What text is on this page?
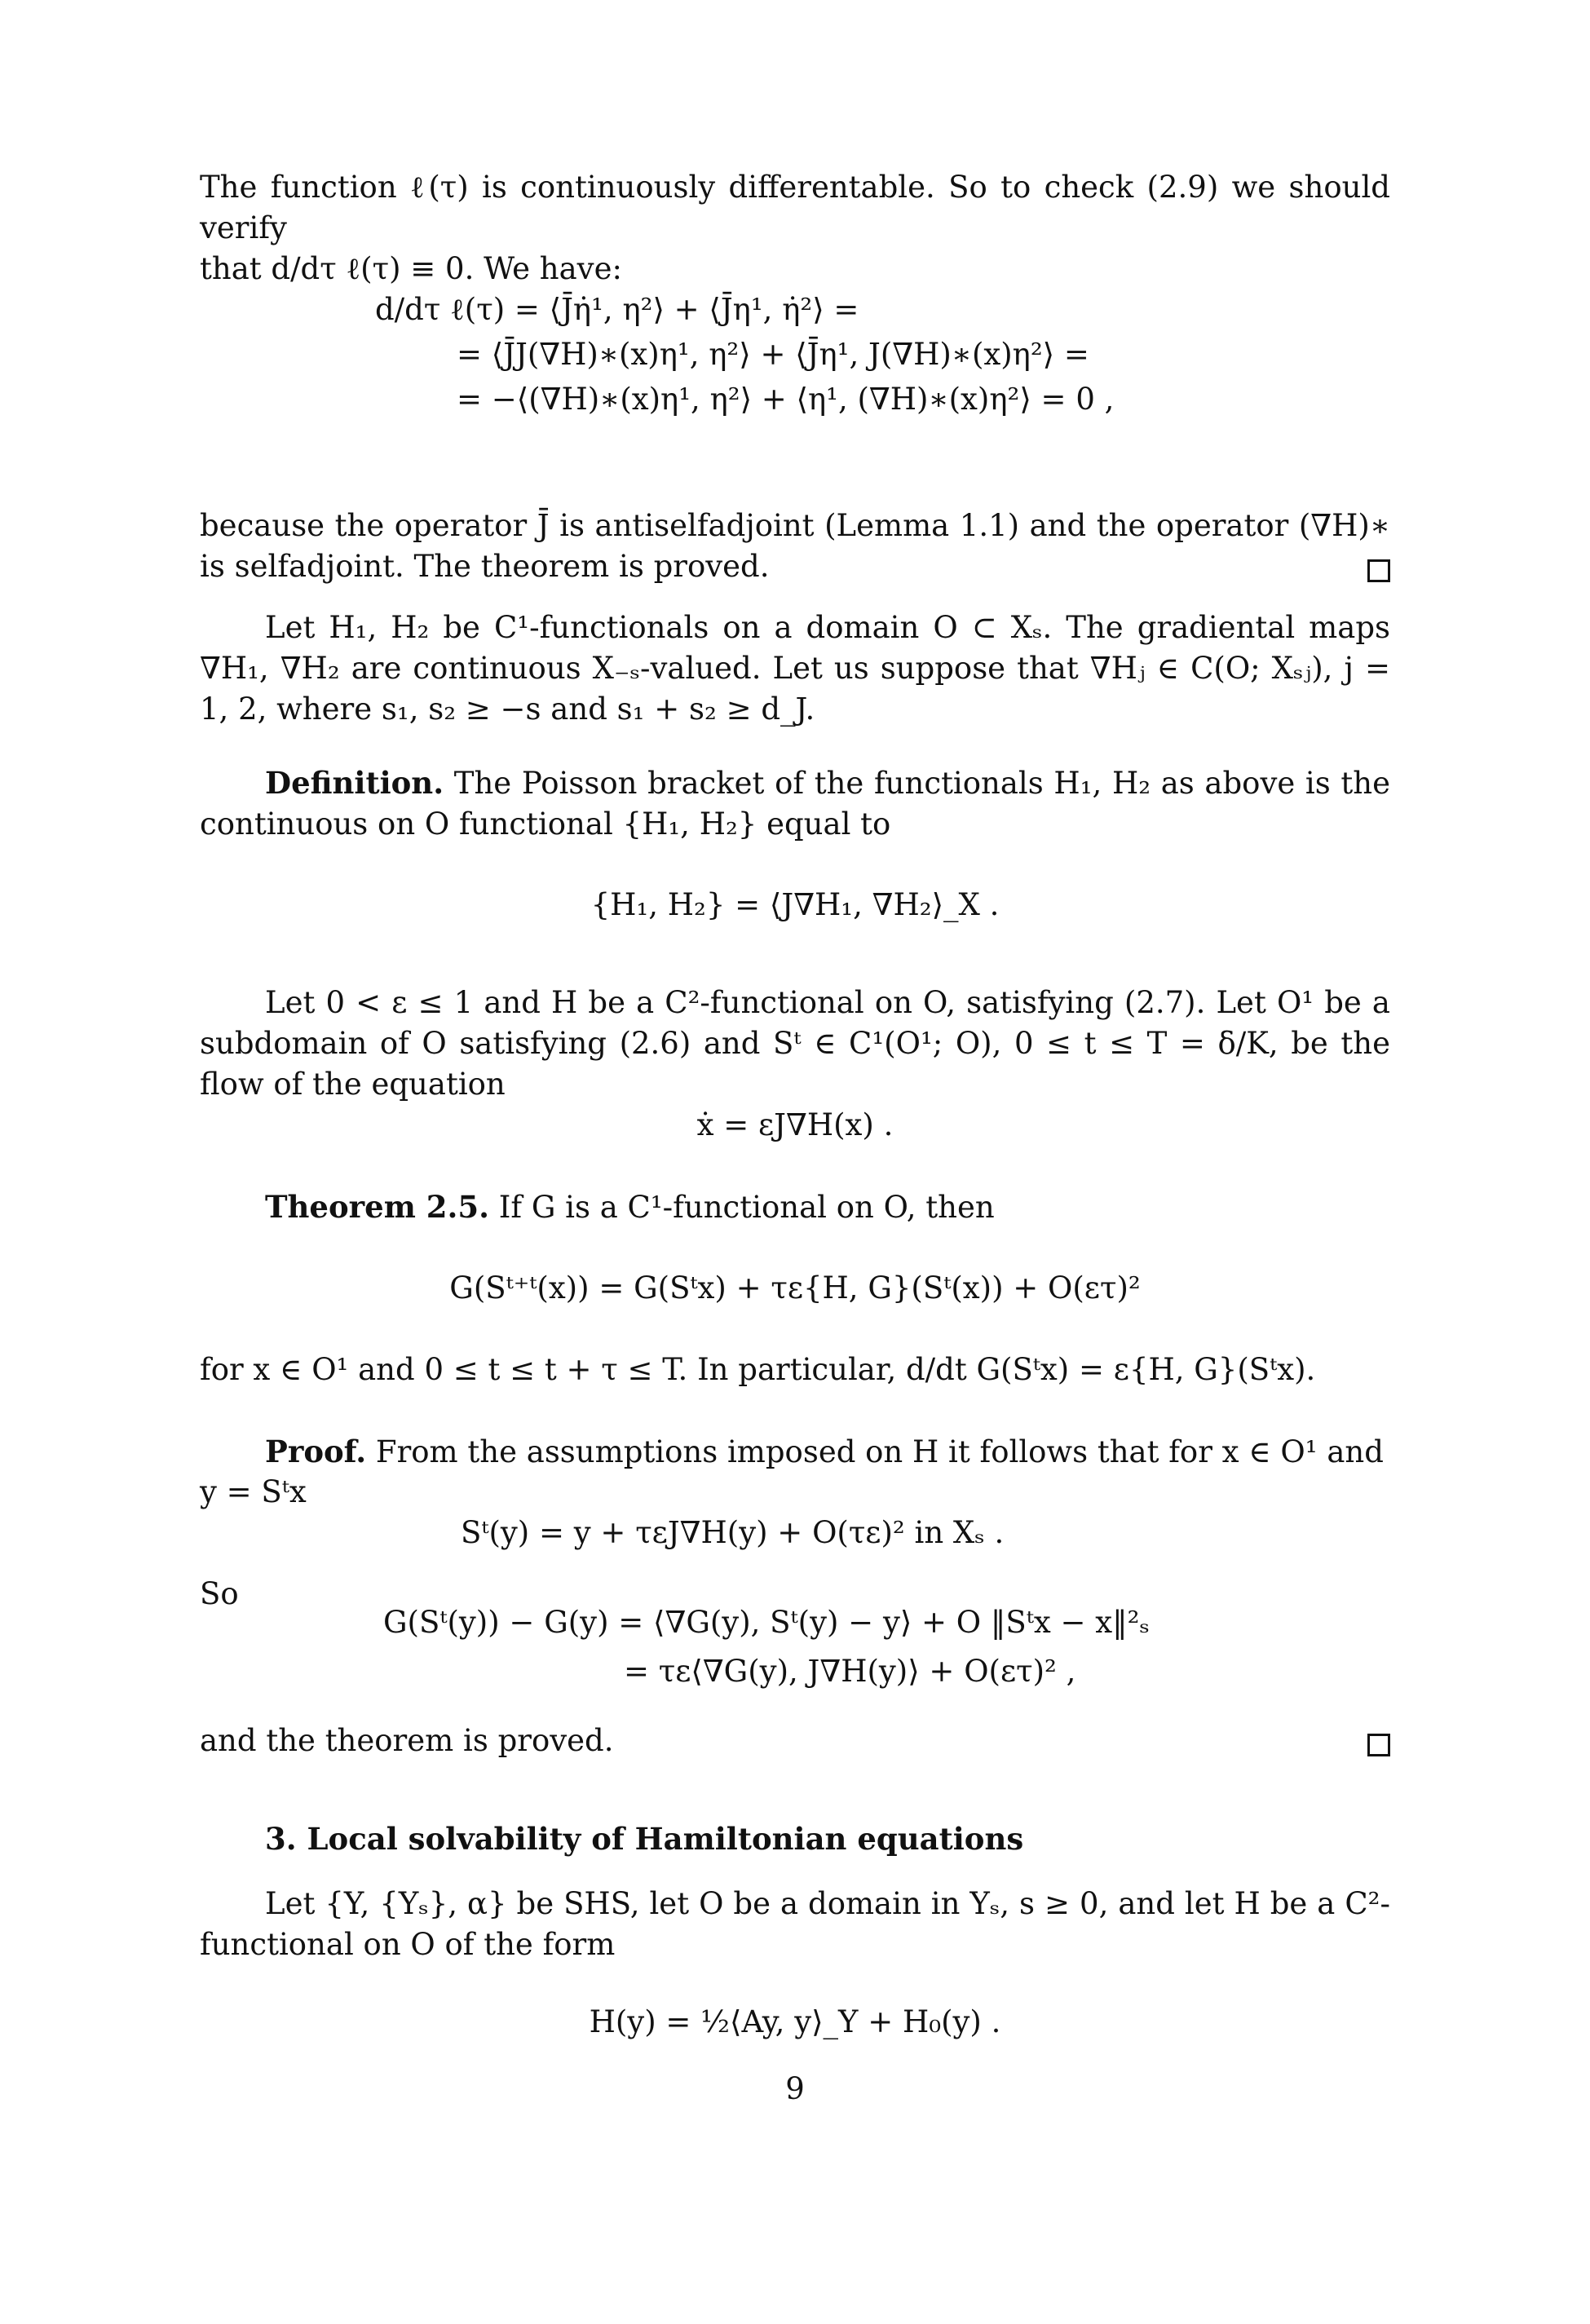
The function ℓ(τ) is continuously differentable. So to check (2.9) we should verify
that d/dτ ℓ(τ) ≡ 0. We have:
d/dτ ℓ(τ) = ⟨J̄η̇¹, η²⟩ + ⟨J̄η¹, η̇²⟩ =
= ⟨J̄J(∇H)∗(x)η¹, η²⟩ + ⟨J̄η¹, J(∇H)∗(x)η²⟩ =
= −⟨(∇H)∗(x)η¹, η²⟩ + ⟨η¹, (∇H)∗(x)η²⟩ = 0 ,
because the operator J̄ is antiselfadjoint (Lemma 1.1) and the operator (∇H)∗ is selfadjoint. The theorem is proved.
Let H₁, H₂ be C¹-functionals on a domain O ⊂ Xₛ. The gradiental maps ∇H₁, ∇H₂ are continuous X₋ₛ-valued. Let us suppose that ∇Hⱼ ∈ C(O; Xₛⱼ), j = 1, 2, where s₁, s₂ ≥ −s and s₁ + s₂ ≥ d_J.
Definition. The Poisson bracket of the functionals H₁, H₂ as above is the continuous on O functional {H₁, H₂} equal to
{H₁, H₂} = ⟨J∇H₁, ∇H₂⟩_X .
Let 0 < ε ≤ 1 and H be a C²-functional on O, satisfying (2.7). Let O¹ be a subdomain of O satisfying (2.6) and Sᵗ ∈ C¹(O¹; O), 0 ≤ t ≤ T = δ/K, be the flow of the equation
ẋ = εJ∇H(x) .
Theorem 2.5. If G is a C¹-functional on O, then
G(Sᵗ⁺ᵗ(x)) = G(Sᵗx) + τε{H, G}(Sᵗ(x)) + O(ετ)²
for x ∈ O¹ and 0 ≤ t ≤ t + τ ≤ T. In particular, d/dt G(Sᵗx) = ε{H, G}(Sᵗx).
Proof. From the assumptions imposed on H it follows that for x ∈ O¹ and
y = Sᵗx
Sᵗ(y) = y + τεJ∇H(y) + O(τε)² in Xₛ .
So
G(Sᵗ(y)) − G(y) = ⟨∇G(y), Sᵗ(y) − y⟩ + O ‖Sᵗx − x‖²ₛ
= τε⟨∇G(y), J∇H(y)⟩ + O(ετ)² ,
and the theorem is proved.
3. Local solvability of Hamiltonian equations
Let {Y, {Yₛ}, α} be SHS, let O be a domain in Yₛ, s ≥ 0, and let H be a C²-functional on O of the form
H(y) = ½⟨Ay, y⟩_Y + H₀(y) .
9
